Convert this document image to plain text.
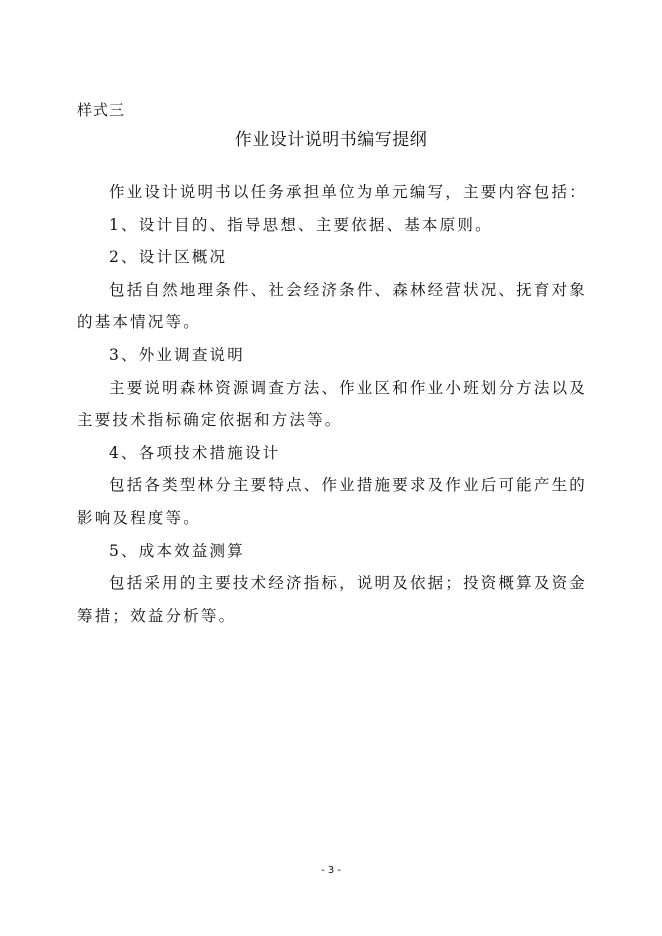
样式三
作业设计说明书编写提纲

作业设计说明书以任务承担单位为单元编写，主要内容包括：

1、设计目的、指导思想、主要依据、基本原则。

2、设计区概况

包括自然地理条件、社会经济条件、森林经营状况、抚育对象的基本情况等。

3、外业调查说明

主要说明森林资源调查方法、作业区和作业小班划分方法以及主要技术指标确定依据和方法等。

4、各项技术措施设计

包括各类型林分主要特点、作业措施要求及作业后可能产生的影响及程度等。

5、成本效益测算

包括采用的主要技术经济指标，说明及依据；投资概算及资金筹措；效益分析等。

- 3 -
